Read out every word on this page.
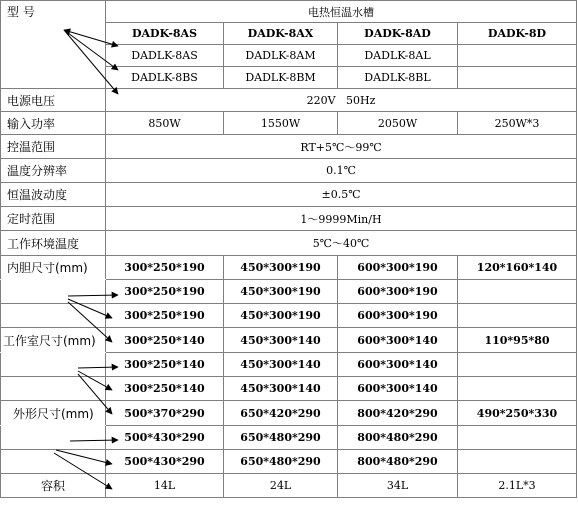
型 号	电热恒温水槽			
	DADK-8AS	DADK-8AX	DADK-8AD	DADK-8D
	DADLK-8AS	DADLK-8AM	DADLK-8AL	
	DADLK-8BS	DADLK-8BM	DADLK-8BL	
电源电压	220V   50Hz			
输入功率	850W	1550W	2050W	250W*3
控温范围	RT+5℃～99℃			
温度分辨率	0.1℃			
恒温波动度	±0.5℃			
定时范围	1～9999Min/H			
工作环境温度	5℃～40℃			
内胆尺寸(mm)	300*250*190	450*300*190	600*300*190	120*160*140
	300*250*190	450*300*190	600*300*190	
	300*250*190	450*300*190	600*300*190	
工作室尺寸(mm)	300*250*140	450*300*140	600*300*140	110*95*80
	300*250*140	450*300*140	600*300*140	
	300*250*140	450*300*140	600*300*140	
外形尺寸(mm)	500*370*290	650*420*290	800*420*290	490*250*330
	500*430*290	650*480*290	800*480*290	
	500*430*290	650*480*290	800*480*290	
容积	14L	24L	34L	2.1L*3
